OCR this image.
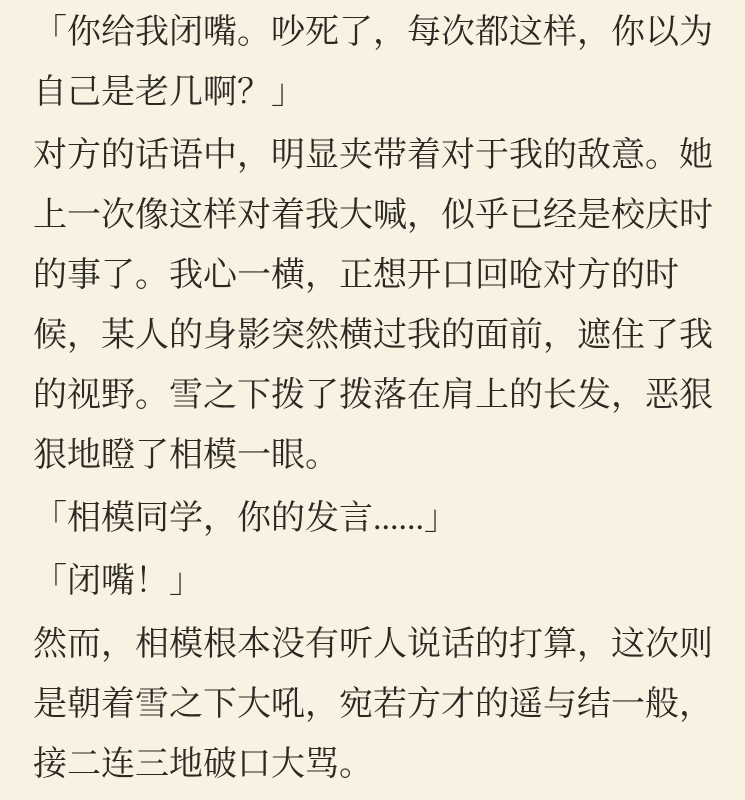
「你给我闭嘴。吵死了，每次都这样，你以为自己是老几啊？」

对方的话语中，明显夹带着对于我的敌意。她上一次像这样对着我大喊，似乎已经是校庆时的事了。我心一横，正想开口回呛对方的时候，某人的身影突然横过我的面前，遮住了我的视野。雪之下拨了拨落在肩上的长发，恶狠狠地瞪了相模一眼。

「相模同学，你的发言......」

「闭嘴！」

然而，相模根本没有听人说话的打算，这次则是朝着雪之下大吼，宛若方才的遥与结一般，接二连三地破口大骂。
